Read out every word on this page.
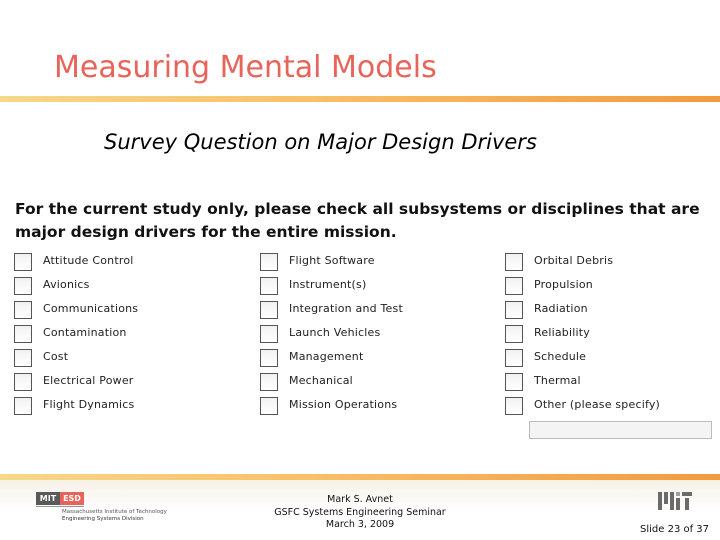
Measuring Mental Models
Survey Question on Major Design Drivers
For the current study only, please check all subsystems or disciplines that are major design drivers for the entire mission.
Attitude Control
Avionics
Communications
Contamination
Cost
Electrical Power
Flight Dynamics
Flight Software
Instrument(s)
Integration and Test
Launch Vehicles
Management
Mechanical
Mission Operations
Orbital Debris
Propulsion
Radiation
Reliability
Schedule
Thermal
Other (please specify)
MIT ESD
Massachusetts Institute of Technology
Engineering Systems Division
Mark S. Avnet
GSFC Systems Engineering Seminar
March 3, 2009	Slide 23 of 37
